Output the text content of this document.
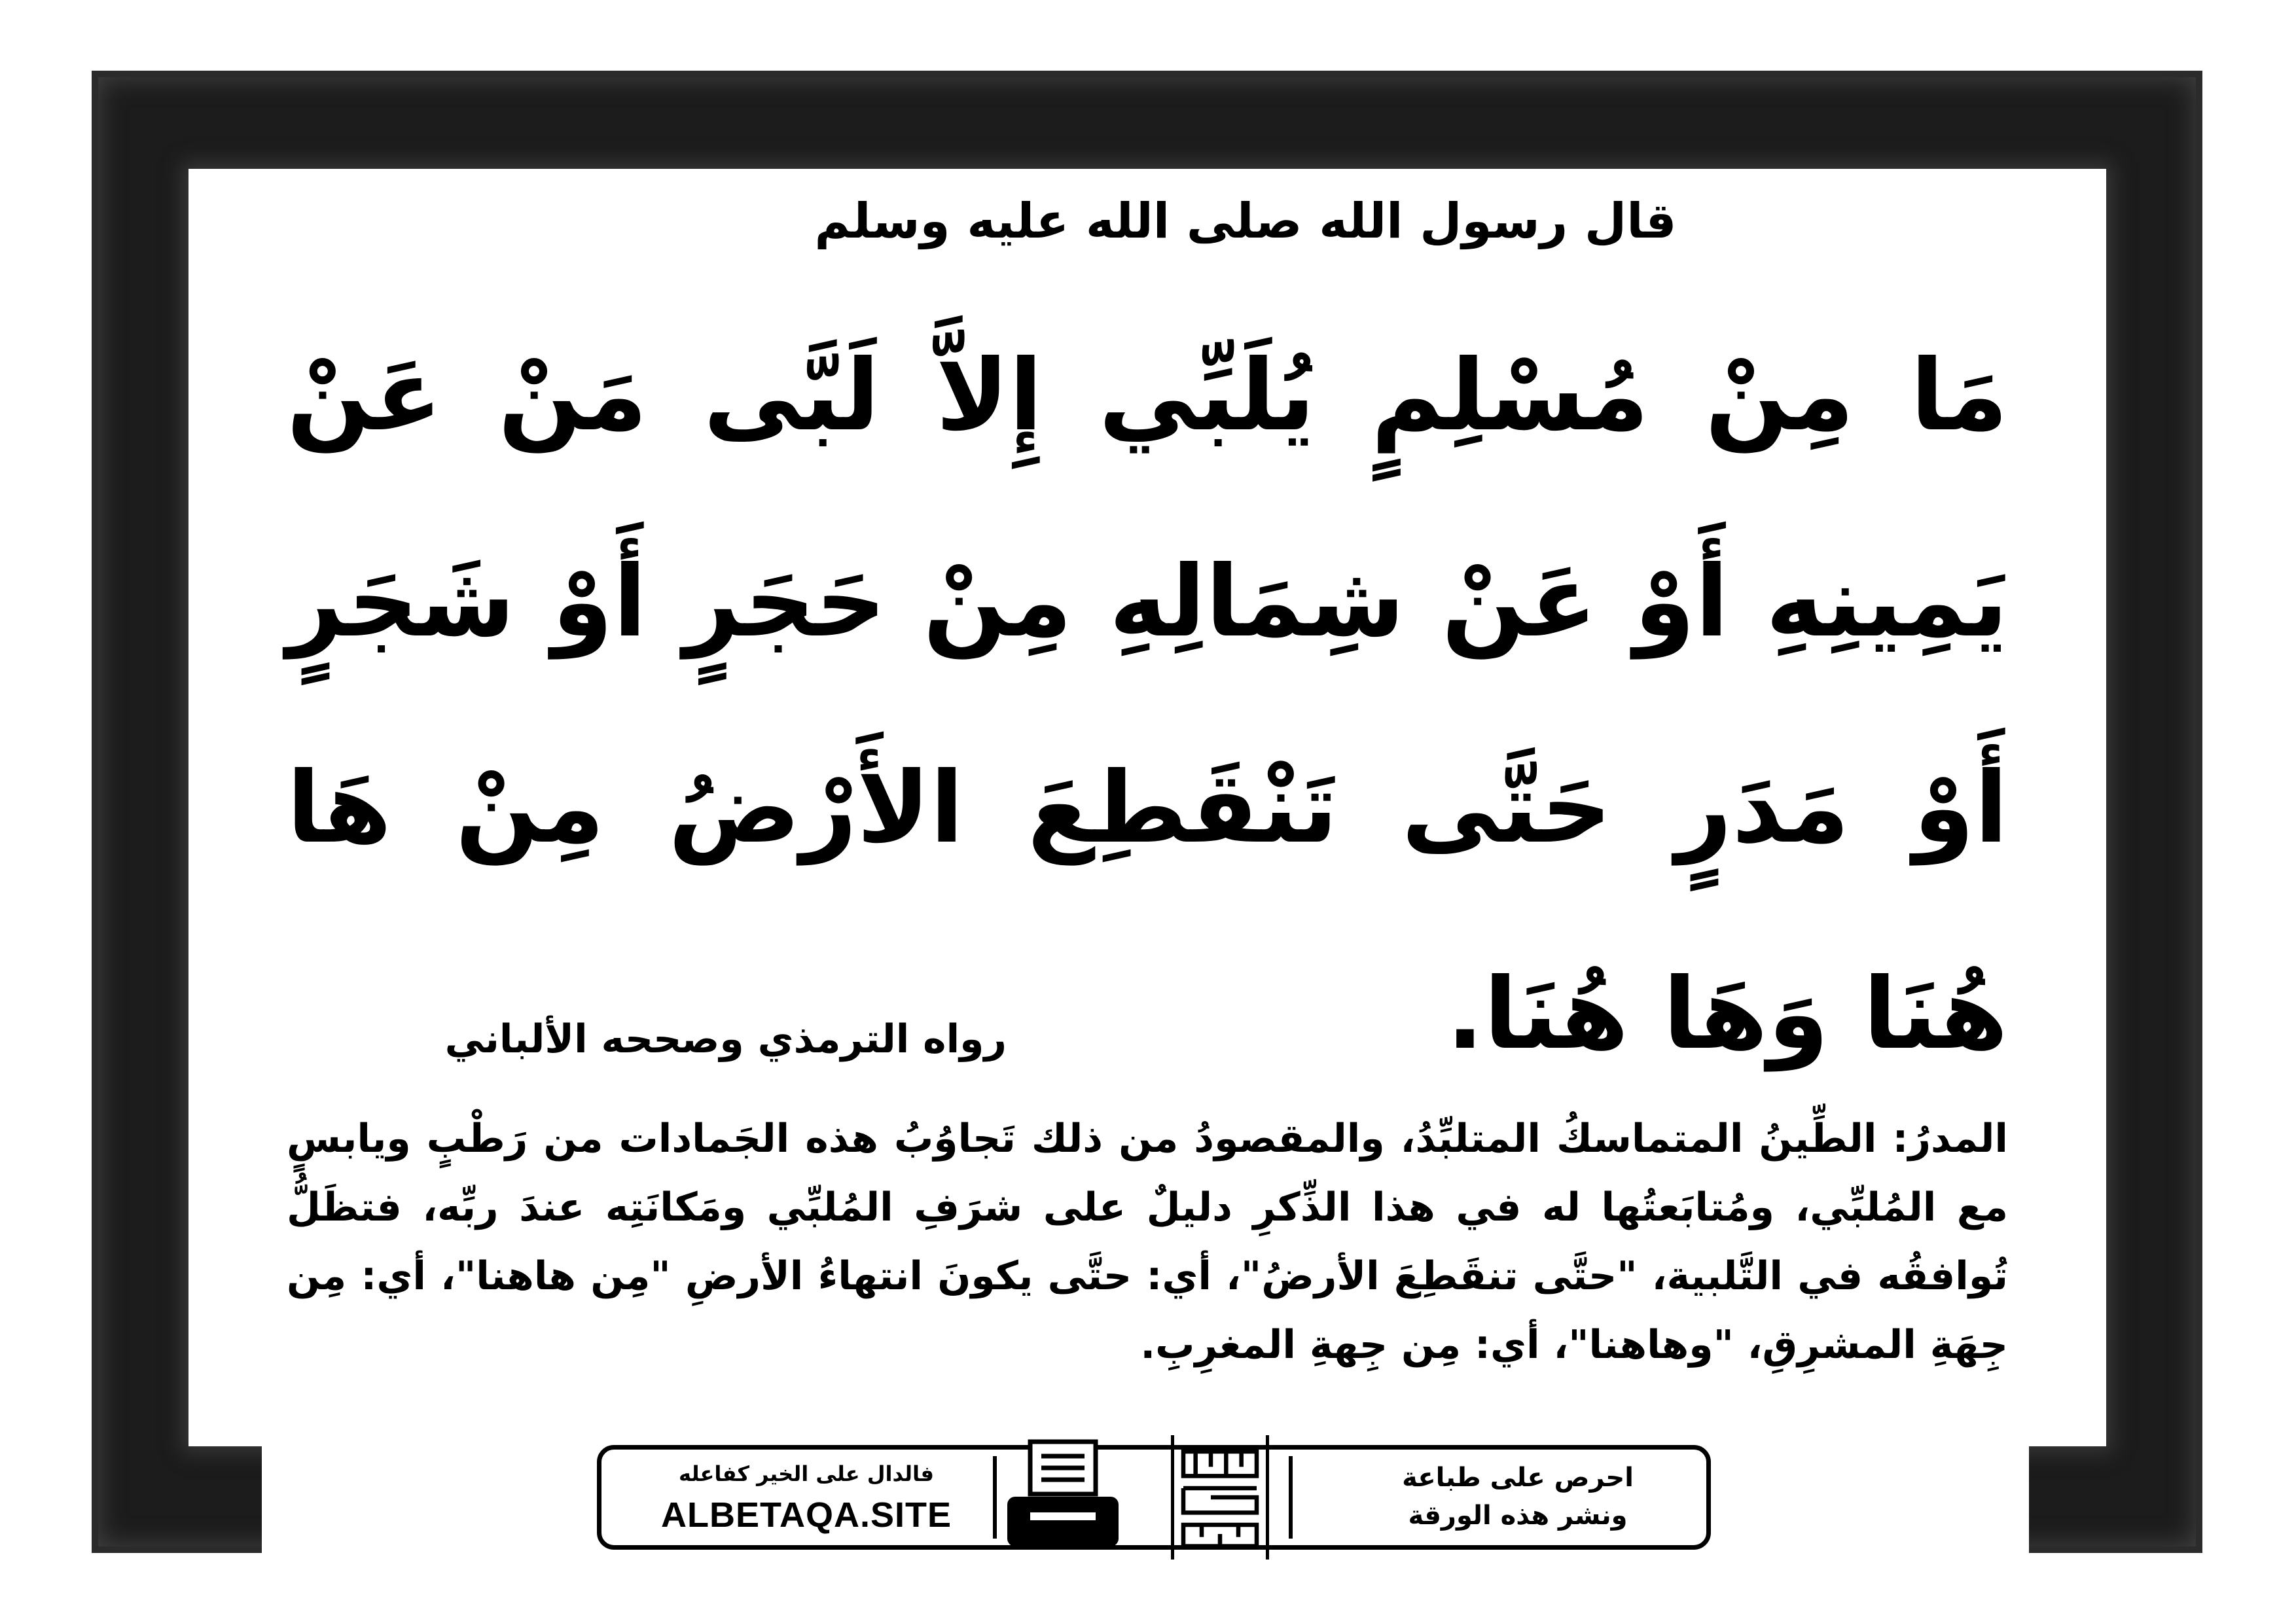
قال رسول الله صلى الله عليه وسلم
مَا مِنْ مُسْلِمٍ يُلَبِّي إِلاَّ لَبَّى مَنْ عَنْ يَمِينِهِ أَوْ عَنْ شِمَالِهِ مِنْ حَجَرٍ أَوْ شَجَرٍ أَوْ مَدَرٍ حَتَّى تَنْقَطِعَ الأَرْضُ مِنْ هَا هُنَا وَهَا هُنَا.
رواه الترمذي وصححه الألباني
المدرُ: الطِّينُ المتماسكُ المتلبِّدُ، والمقصودُ من ذلك تَجاوُبُ هذه الجَمادات من رَطْبٍ ويابسٍ مع المُلبِّي، ومُتابَعتُها له في هذا الذِّكرِ دليلٌ على شرَفِ المُلبِّي ومَكانَتِه عندَ ربِّه، فتظَلُّ تُوافقُه في التَّلبية، "حتَّى تنقَطِعَ الأرضُ"، أي: حتَّى يكونَ انتهاءُ الأرضِ "مِن هاهنا"، أي: مِن جِهَةِ المشرِقِ، "وهاهنا"، أي: مِن جِهةِ المغرِبِ.
فالدال على الخير كفاعله
ALBETAQA.SITE
احرص على طباعة
ونشر هذه الورقة
